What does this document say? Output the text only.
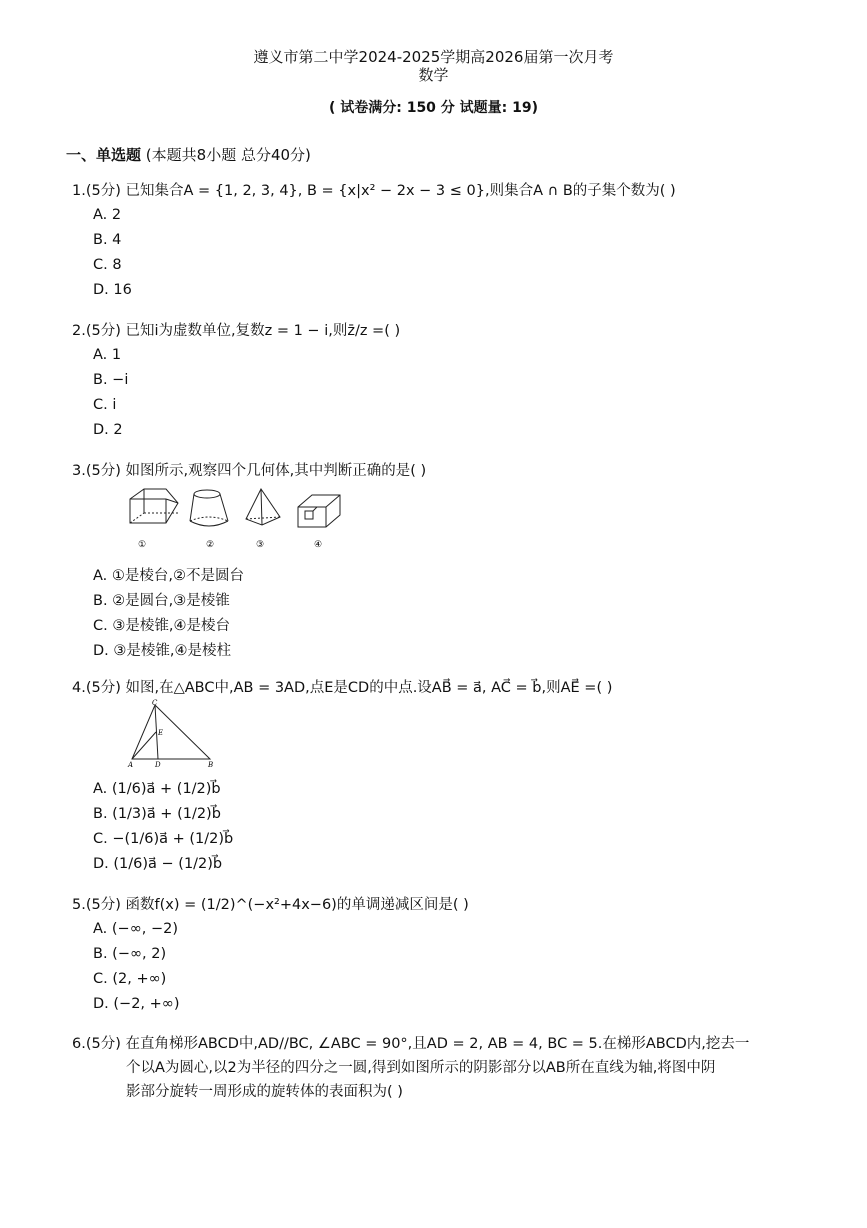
遵义市第二中学2024-2025学期高2026届第一次月考
数学
( 试卷满分: 150 分 试题量: 19)
一、单选题 (本题共8小题 总分40分)
1.(5分) 已知集合A = {1, 2, 3, 4}, B = {x|x² − 2x − 3 ≤ 0},则集合A ∩ B的子集个数为( )
A. 2
B. 4
C. 8
D. 16
2.(5分) 已知i为虚数单位,复数z = 1 − i,则z̄/z =( )
A. 1
B. −i
C. i
D. 2
3.(5分) 如图所示,观察四个几何体,其中判断正确的是( )
①	②	③	④
A. ①是棱台,②不是圆台
B. ②是圆台,③是棱锥
C. ③是棱锥,④是棱台
D. ③是棱锥,④是棱柱
4.(5分) 如图,在△ABC中,AB = 3AD,点E是CD的中点.设AB⃗ = a⃗, AC⃗ = b⃗,则AE⃗ =( )
C
E
A	D	B
A. (1/6)a⃗ + (1/2)b⃗
B. (1/3)a⃗ + (1/2)b⃗
C. −(1/6)a⃗ + (1/2)b⃗
D. (1/6)a⃗ − (1/2)b⃗
5.(5分) 函数f(x) = (1/2)^(−x²+4x−6)的单调递减区间是( )
A. (−∞, −2)
B. (−∞, 2)
C. (2, +∞)
D. (−2, +∞)
6.(5分) 在直角梯形ABCD中,AD//BC, ∠ABC = 90°,且AD = 2, AB = 4, BC = 5.在梯形ABCD内,挖去一
个以A为圆心,以2为半径的四分之一圆,得到如图所示的阴影部分以AB所在直线为轴,将图中阴
影部分旋转一周形成的旋转体的表面积为( )
